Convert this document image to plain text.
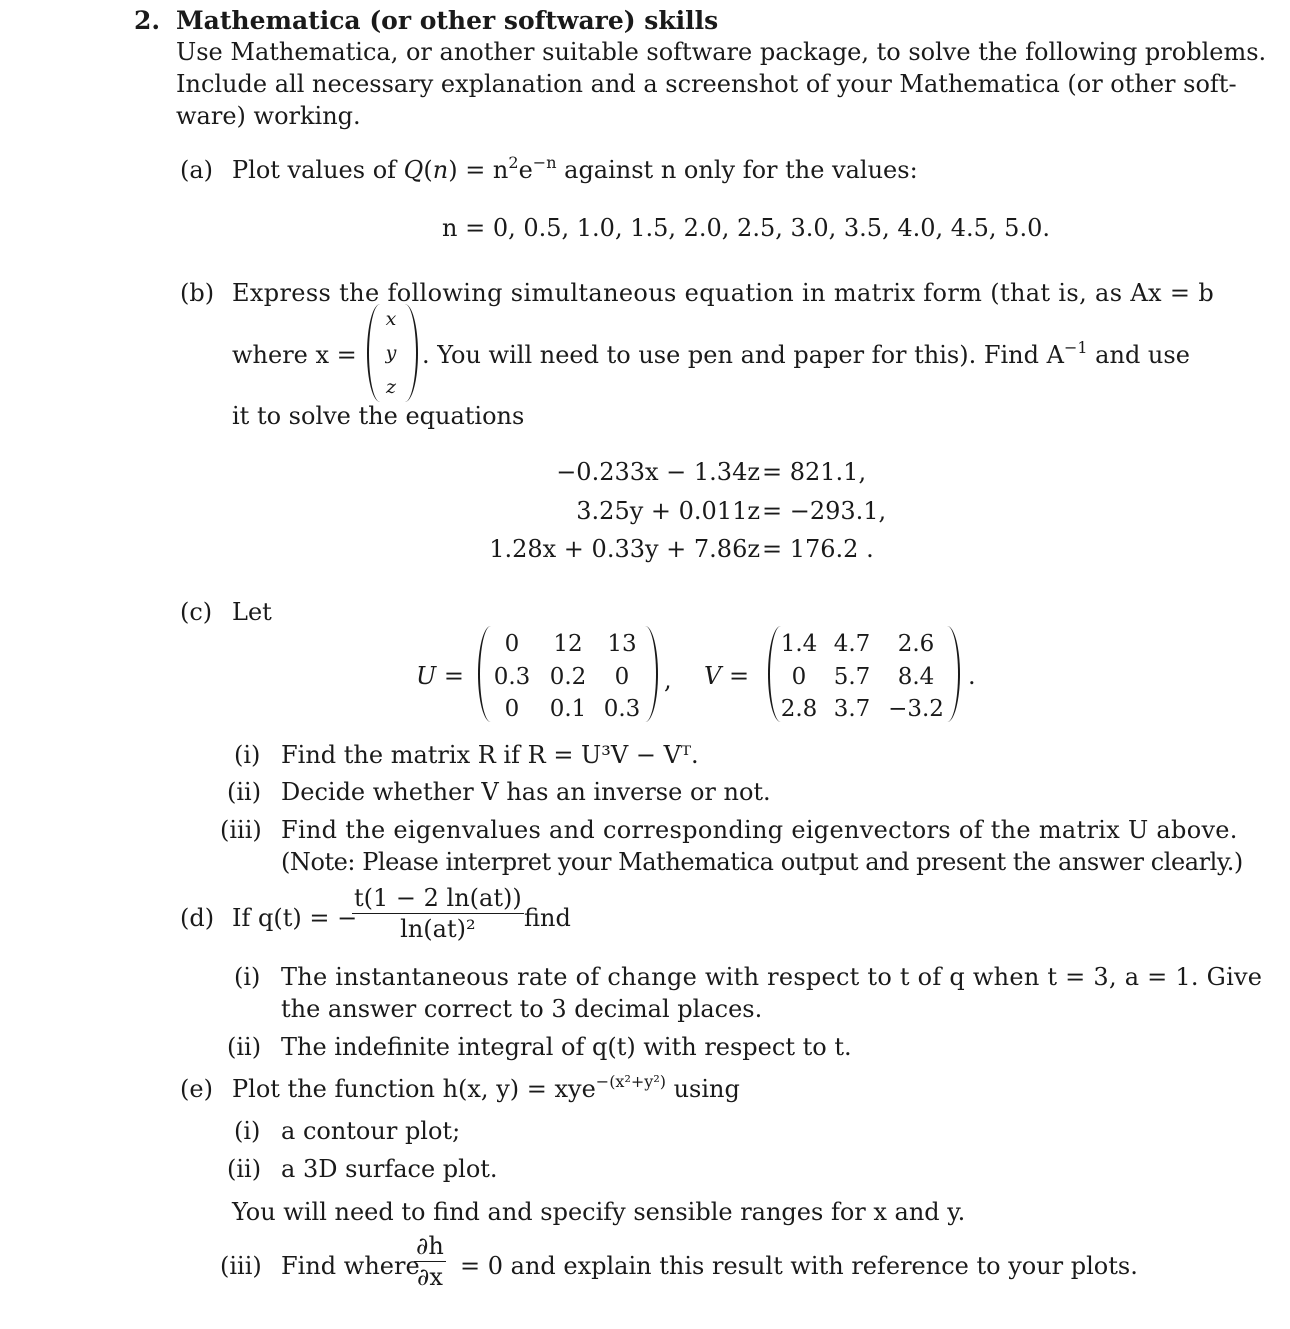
2. Mathematica (or other software) skills
Use Mathematica, or another suitable software package, to solve the following problems.
Include all necessary explanation and a screenshot of your Mathematica (or other soft-
ware) working.
(a) Plot values of $Q(n) = n^2e^{-n}$ against n only for the values:
n = 0, 0.5, 1.0, 1.5, 2.0, 2.5, 3.0, 3.5, 4.0, 4.5, 5.0.
(b) Express the following simultaneous equation in matrix form (that is, as Ax = b
where x =
x
y
z
. You will need to use pen and paper for this). Find $A^{-1}$ and use
it to solve the equations
−0.233x − 1.34z = 821.1,
3.25y + 0.011z = −293.1,
1.28x + 0.33y + 7.86z = 176.2 .
(c) Let
U =
0	12	13
0.3 0.2	0
0	0.1 0.3
, V =
1.4 4.7	2.6
0	5.7	8.4
2.8 3.7 −3.2
.
(i) Find the matrix R if R = U³V − Vᵀ.
(ii) Decide whether V has an inverse or not.
(iii) Find the eigenvalues and corresponding eigenvectors of the matrix U above.
(Note: Please interpret your Mathematica output and present the answer clearly.)
(d) If q(t) = −
$\frac{t(1 - 2 \ln(at))}{\text{ln(at)²}}$ find
(i) The instantaneous rate of change with respect to t of q when t = 3, a = 1. Give
the answer correct to 3 decimal places.
(ii) The indefinite integral of q(t) with respect to t.
(e) Plot the function h(x, y) = xye$^{-(x^2+y^2)}$ using
(i) a contour plot;
(ii) a 3D surface plot.
You will need to find and specify sensible ranges for x and y.
(iii) Find where
$\frac{\partial h}{\partial x} = 0$ and explain this result with reference to your plots.
